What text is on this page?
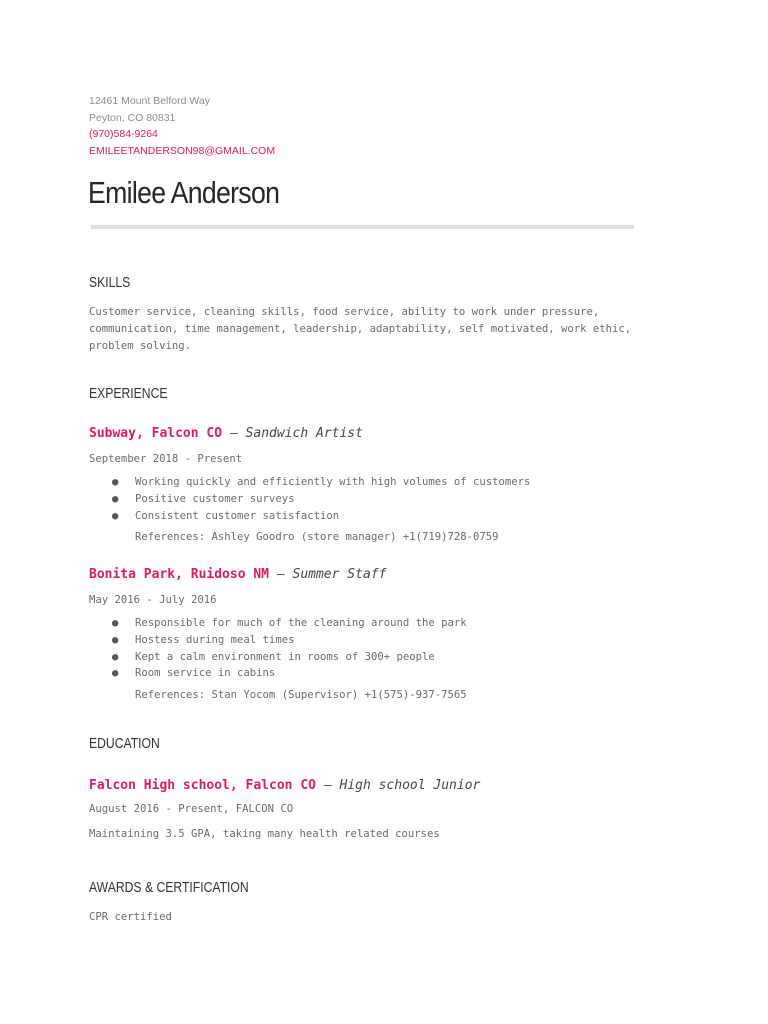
12461 Mount Belford Way
Peyton, CO 80831
(970)584-9264
EMILEETANDERSON98@GMAIL.COM
Emilee Anderson
SKILLS
Customer service, cleaning skills, food service, ability to work under pressure,
communication, time management, leadership, adaptability, self motivated, work ethic,
problem solving.
EXPERIENCE
Subway, Falcon CO — Sandwich Artist
September 2018 - Present
● Working quickly and efficiently with high volumes of customers
● Positive customer surveys
● Consistent customer satisfaction
References: Ashley Goodro (store manager) +1(719)728-0759
Bonita Park, Ruidoso NM — Summer Staff
May 2016 - July 2016
● Responsible for much of the cleaning around the park
● Hostess during meal times
● Kept a calm environment in rooms of 300+ people
● Room service in cabins
References: Stan Yocom (Supervisor) +1(575)-937-7565
EDUCATION
Falcon High school, Falcon CO — High school Junior
August 2016 - Present, FALCON CO
Maintaining 3.5 GPA, taking many health related courses
AWARDS & CERTIFICATION
CPR certified
